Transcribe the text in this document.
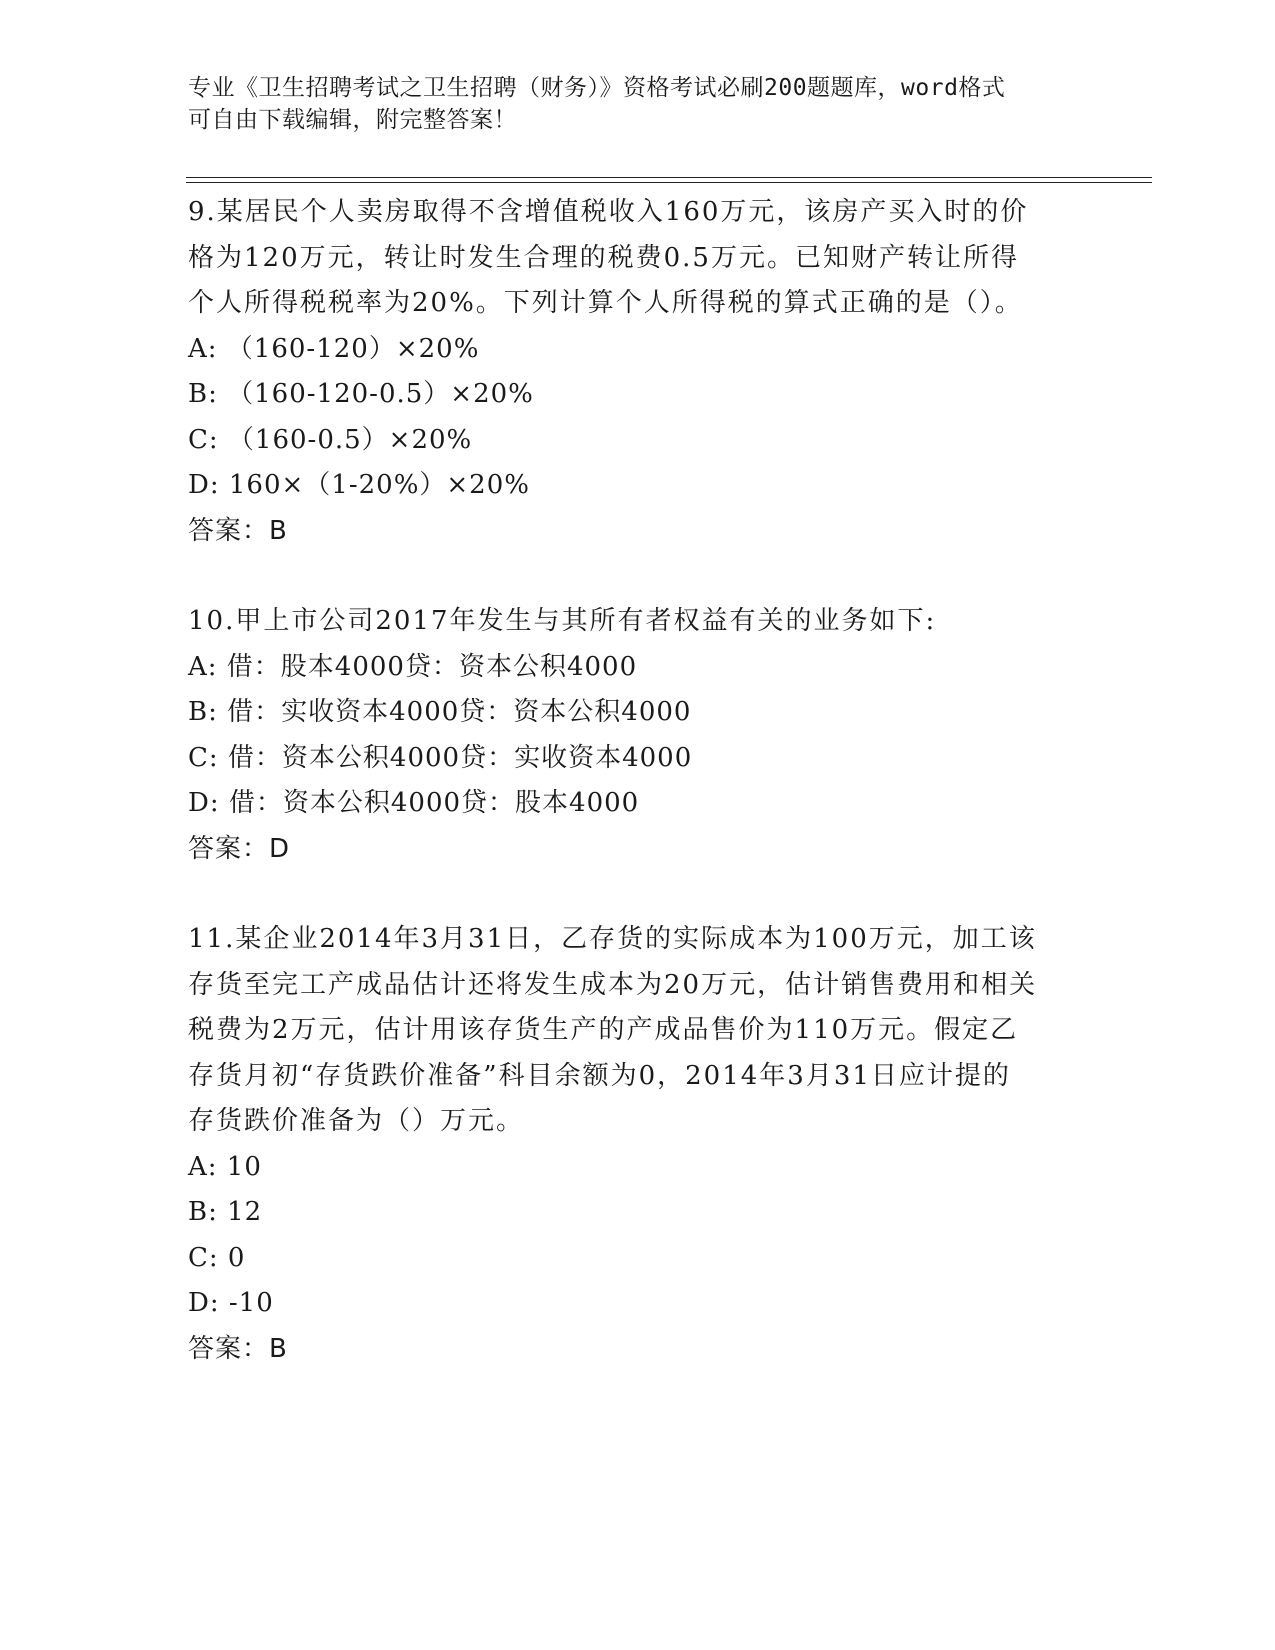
专业《卫生招聘考试之卫生招聘（财务）》资格考试必刷200题题库，word格式
可自由下载编辑，附完整答案！

9.某居民个人卖房取得不含增值税收入160万元，该房产买入时的价
格为120万元，转让时发生合理的税费0.5万元。已知财产转让所得
个人所得税税率为20%。下列计算个人所得税的算式正确的是（）。

A: （160-120）×20%
B: （160-120-0.5）×20%
C: （160-0.5）×20%
D: 160×（1-20%）×20%
答案：B

10.甲上市公司2017年发生与其所有者权益有关的业务如下:

A: 借：股本4000贷：资本公积4000
B: 借：实收资本4000贷：资本公积4000
C: 借：资本公积4000贷：实收资本4000
D: 借：资本公积4000贷：股本4000
答案：D

11.某企业2014年3月31日，乙存货的实际成本为100万元，加工该
存货至完工产成品估计还将发生成本为20万元，估计销售费用和相关
税费为2万元，估计用该存货生产的产成品售价为110万元。假定乙
存货月初“存货跌价准备”科目余额为0，2014年3月31日应计提的
存货跌价准备为（）万元。

A: 10
B: 12
C: 0
D: -10
答案：B
